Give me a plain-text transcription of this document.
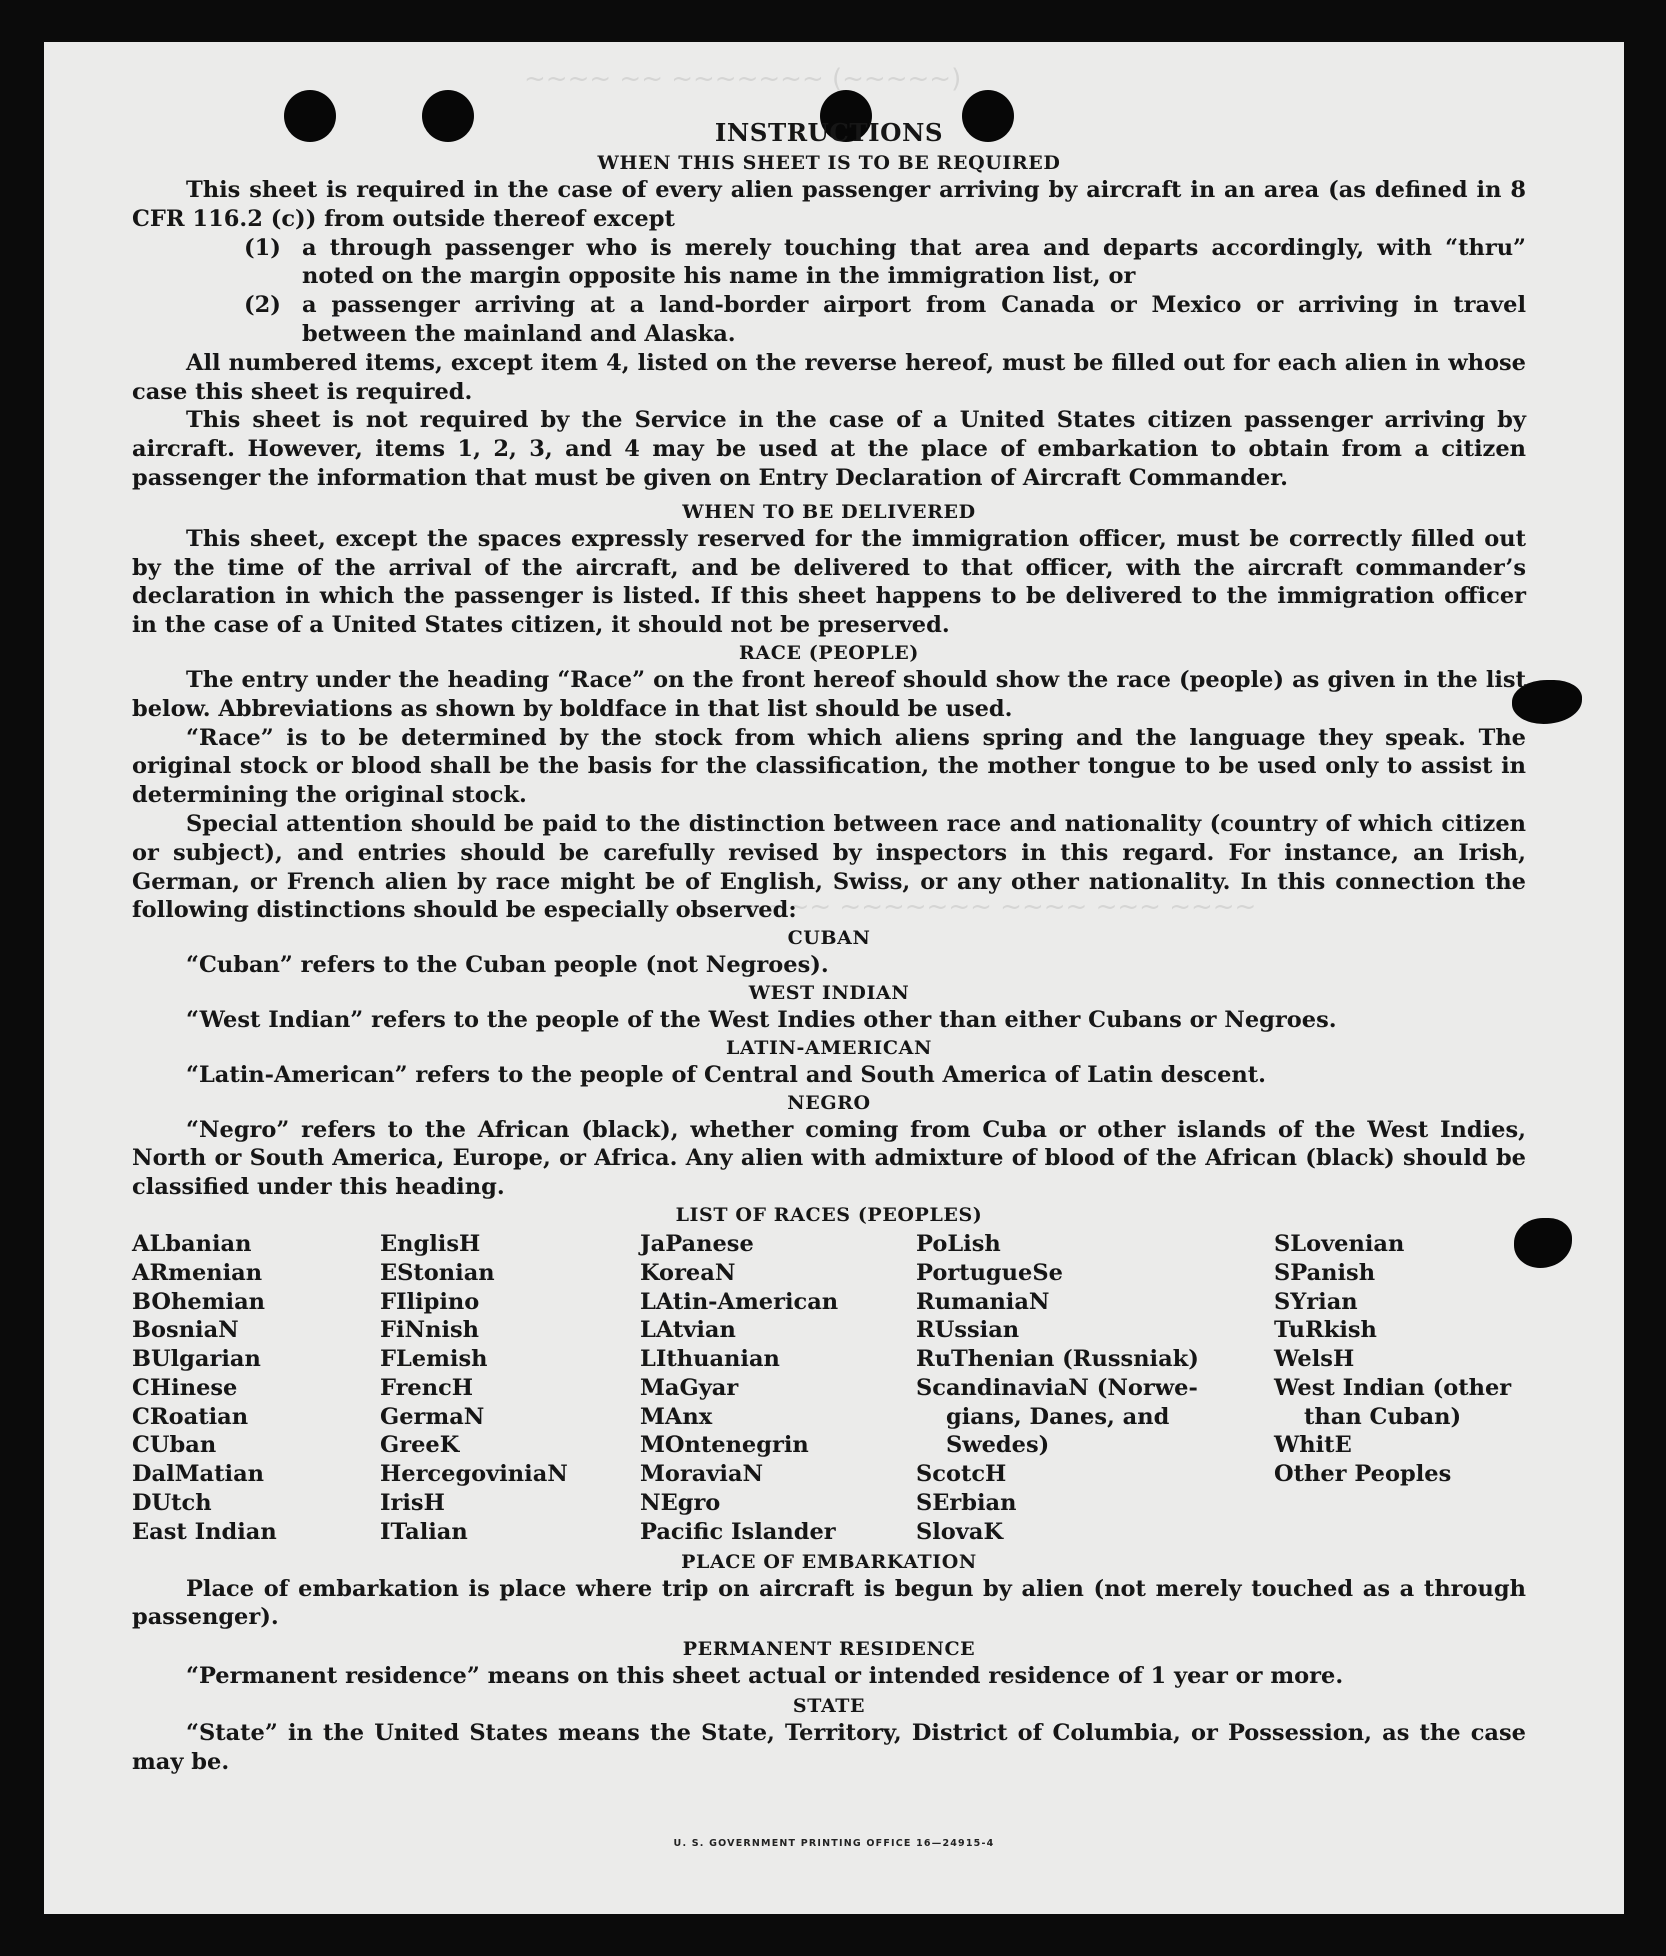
~~~~ ~~ ~~~~~~~ (~~~~~)
~~~~ ~~~~~~~ ~~~~ ~~~ ~~~~
INSTRUCTIONS
WHEN THIS SHEET IS TO BE REQUIRED

This sheet is required in the case of every alien passenger arriving by aircraft in an area (as defined in 8 CFR 116.2 (c)) from outside thereof except

(1) a through passenger who is merely touching that area and departs accordingly, with “thru” noted on the margin opposite his name in the immigration list, or
(2) a passenger arriving at a land-border airport from Canada or Mexico or arriving in travel between the mainland and Alaska.

All numbered items, except item 4, listed on the reverse hereof, must be filled out for each alien in whose case this sheet is required.

This sheet is not required by the Service in the case of a United States citizen passenger arriving by aircraft. However, items 1, 2, 3, and 4 may be used at the place of embarkation to obtain from a citizen passenger the information that must be given on Entry Declaration of Aircraft Commander.

WHEN TO BE DELIVERED

This sheet, except the spaces expressly reserved for the immigration officer, must be correctly filled out by the time of the arrival of the aircraft, and be delivered to that officer, with the aircraft commander’s declaration in which the passenger is listed. If this sheet happens to be delivered to the immigration officer in the case of a United States citizen, it should not be preserved.

RACE (PEOPLE)

The entry under the heading “Race” on the front hereof should show the race (people) as given in the list below. Abbreviations as shown by boldface in that list should be used.

“Race” is to be determined by the stock from which aliens spring and the language they speak. The original stock or blood shall be the basis for the classification, the mother tongue to be used only to assist in determining the original stock.

Special attention should be paid to the distinction between race and nationality (country of which citizen or subject), and entries should be carefully revised by inspectors in this regard. For instance, an Irish, German, or French alien by race might be of English, Swiss, or any other nationality. In this connection the following distinctions should be especially observed:

CUBAN

“Cuban” refers to the Cuban people (not Negroes).

WEST INDIAN

“West Indian” refers to the people of the West Indies other than either Cubans or Negroes.

LATIN-AMERICAN

“Latin-American” refers to the people of Central and South America of Latin descent.

NEGRO

“Negro” refers to the African (black), whether coming from Cuba or other islands of the West Indies, North or South America, Europe, or Africa. Any alien with admixture of blood of the African (black) should be classified under this heading.

LIST OF RACES (PEOPLES)
ALbanian
ARmenian
BOhemian
BosniaN
BUlgarian
CHinese
CRoatian
CUban
DalMatian
DUtch
East Indian
EnglisH
EStonian
FIlipino
FiNnish
FLemish
FrencH
GermaN
GreeK
HercegoviniaN
IrisH
ITalian
JaPanese
KoreaN
LAtin-American
LAtvian
LIthuanian
MaGyar
MAnx
MOntenegrin
MoraviaN
NEgro
Pacific Islander
PoLish
PortugueSe
RumaniaN
RUssian
RuThenian (Russniak)
ScandinaviaN (Norwe-
gians, Danes, and
Swedes)
ScotcH
SErbian
SlovaK
SLovenian
SPanish
SYrian
TuRkish
WelsH
West Indian (other
than Cuban)
WhitE
Other Peoples
PLACE OF EMBARKATION

Place of embarkation is place where trip on aircraft is begun by alien (not merely touched as a through passenger).

PERMANENT RESIDENCE

“Permanent residence” means on this sheet actual or intended residence of 1 year or more.

STATE

“State” in the United States means the State, Territory, District of Columbia, or Possession, as the case may be.

U. S. GOVERNMENT PRINTING OFFICE 16—24915-4
